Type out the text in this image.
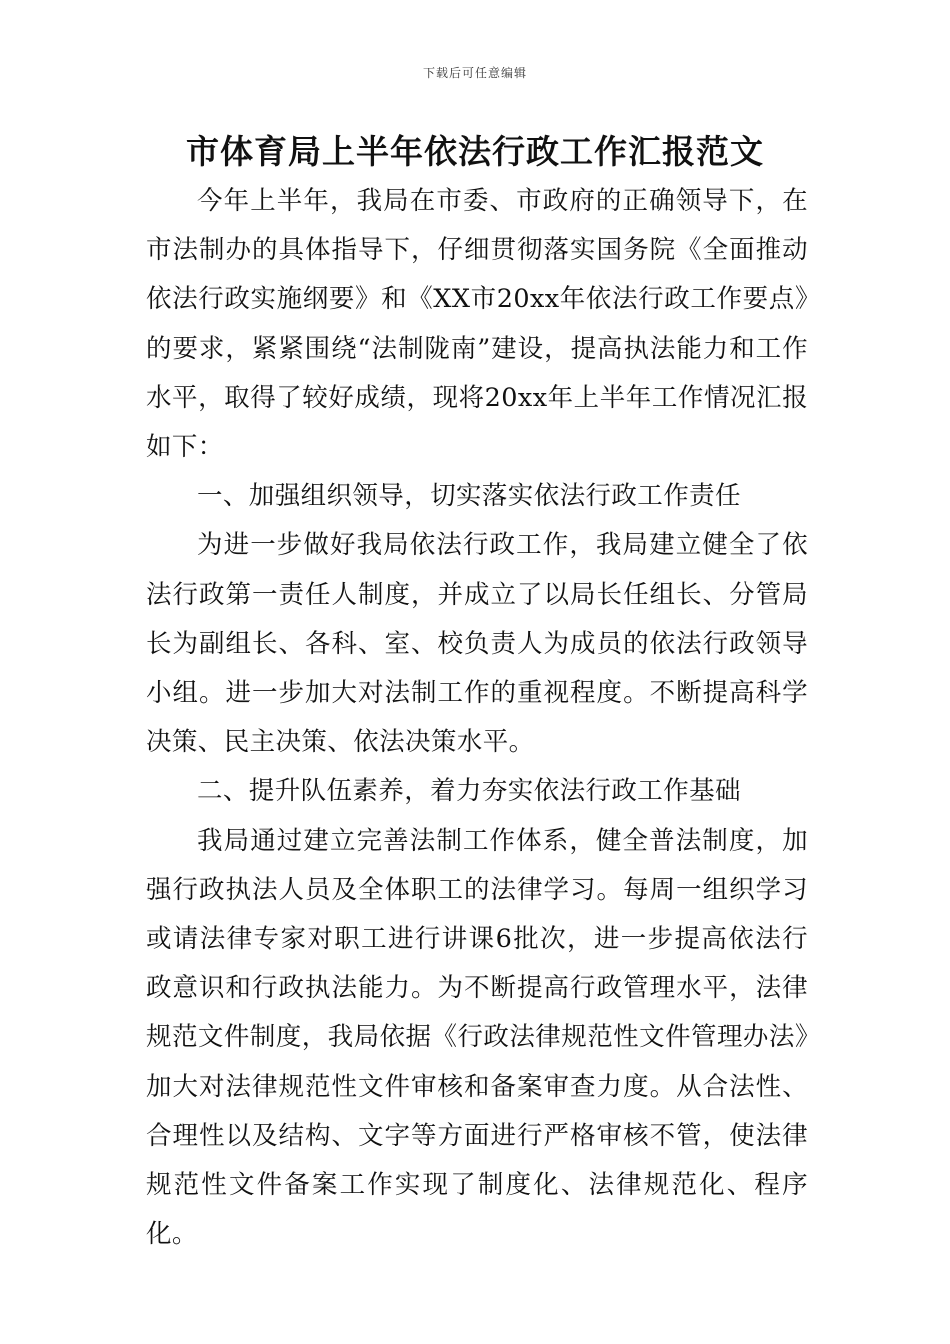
下载后可任意编辑
市体育局上半年依法行政工作汇报范文

今年上半年，我局在市委、市政府的正确领导下，在市法制办的具体指导下，仔细贯彻落实国务院《全面推动依法行政实施纲要》和《XX市20xx年依法行政工作要点》的要求，紧紧围绕“法制陇南”建设，提高执法能力和工作水平，取得了较好成绩，现将20xx年上半年工作情况汇报如下：

一、加强组织领导，切实落实依法行政工作责任

为进一步做好我局依法行政工作，我局建立健全了依法行政第一责任人制度，并成立了以局长任组长、分管局长为副组长、各科、室、校负责人为成员的依法行政领导小组。进一步加大对法制工作的重视程度。不断提高科学决策、民主决策、依法决策水平。

二、提升队伍素养，着力夯实依法行政工作基础

我局通过建立完善法制工作体系，健全普法制度，加强行政执法人员及全体职工的法律学习。每周一组织学习或请法律专家对职工进行讲课6批次，进一步提高依法行政意识和行政执法能力。为不断提高行政管理水平，法律规范文件制度，我局依据《行政法律规范性文件管理办法》加大对法律规范性文件审核和备案审查力度。从合法性、合理性以及结构、文字等方面进行严格审核不管，使法律规范性文件备案工作实现了制度化、法律规范化、程序化。
